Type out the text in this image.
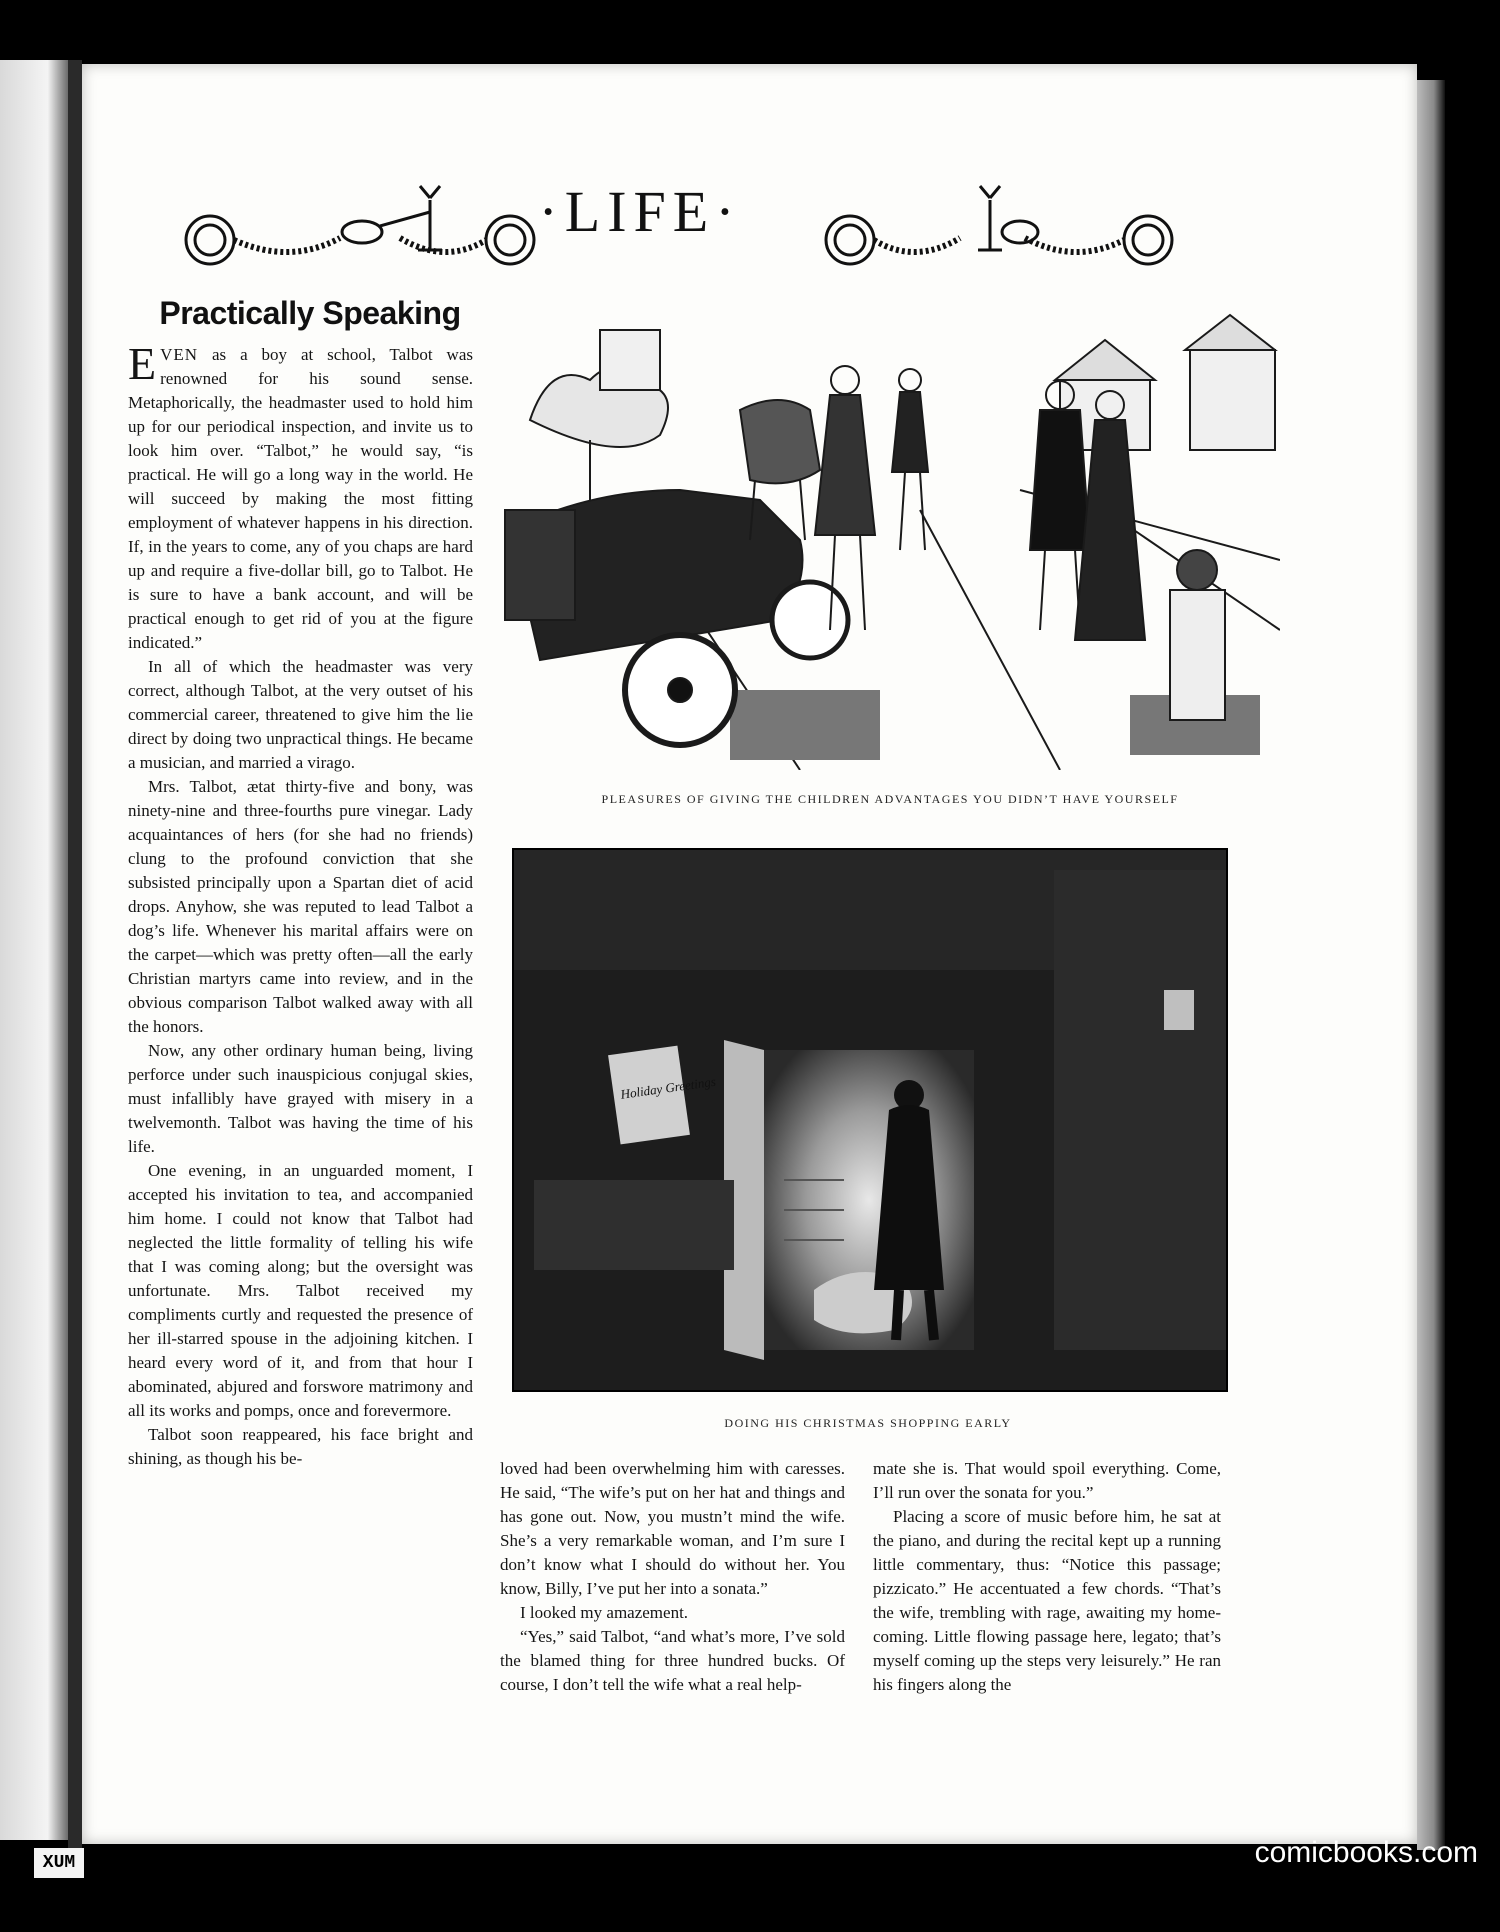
·LIFE·
Practically Speaking

EVEN as a boy at school, Talbot was renowned for his sound sense. Metaphorically, the headmaster used to hold him up for our periodical inspection, and invite us to look him over. “Talbot,” he would say, “is practical. He will go a long way in the world. He will succeed by making the most fitting employment of whatever happens in his direction. If, in the years to come, any of you chaps are hard up and require a five-dollar bill, go to Talbot. He is sure to have a bank account, and will be practical enough to get rid of you at the figure indicated.”

In all of which the headmaster was very correct, although Talbot, at the very outset of his commercial career, threatened to give him the lie direct by doing two unpractical things. He became a musician, and married a virago.

Mrs. Talbot, ætat thirty-five and bony, was ninety-nine and three-fourths pure vinegar. Lady acquaintances of hers (for she had no friends) clung to the profound conviction that she subsisted principally upon a Spartan diet of acid drops. Anyhow, she was reputed to lead Talbot a dog’s life. Whenever his marital affairs were on the carpet—which was pretty often—all the early Christian martyrs came into review, and in the obvious comparison Talbot walked away with all the honors.

Now, any other ordinary human being, living perforce under such inauspicious conjugal skies, must infallibly have grayed with misery in a twelvemonth. Talbot was having the time of his life.

One evening, in an unguarded moment, I accepted his invitation to tea, and accompanied him home. I could not know that Talbot had neglected the little formality of telling his wife that I was coming along; but the oversight was unfortunate. Mrs. Talbot received my compliments curtly and requested the presence of her ill-starred spouse in the adjoining kitchen. I heard every word of it, and from that hour I abominated, abjured and forswore matrimony and all its works and pomps, once and forevermore.

Talbot soon reappeared, his face bright and shining, as though his be-

loved had been overwhelming him with caresses. He said, “The wife’s put on her hat and things and has gone out. Now, you mustn’t mind the wife. She’s a very remarkable woman, and I’m sure I don’t know what I should do without her. You know, Billy, I’ve put her into a sonata.”

I looked my amazement.

“Yes,” said Talbot, “and what’s more, I’ve sold the blamed thing for three hundred bucks. Of course, I don’t tell the wife what a real help-

mate she is. That would spoil everything. Come, I’ll run over the sonata for you.”

Placing a score of music before him, he sat at the piano, and during the recital kept up a running little commentary, thus: “Notice this passage; pizzicato.” He accentuated a few chords. “That’s the wife, trembling with rage, awaiting my home-coming. Little flowing passage here, legato; that’s myself coming up the steps very leisurely.” He ran his fingers along the

PLEASURES OF GIVING THE CHILDREN ADVANTAGES YOU DIDN’T HAVE YOURSELF
Holiday Greetings
DOING HIS CHRISTMAS SHOPPING EARLY
XUM	comicbooks.com
